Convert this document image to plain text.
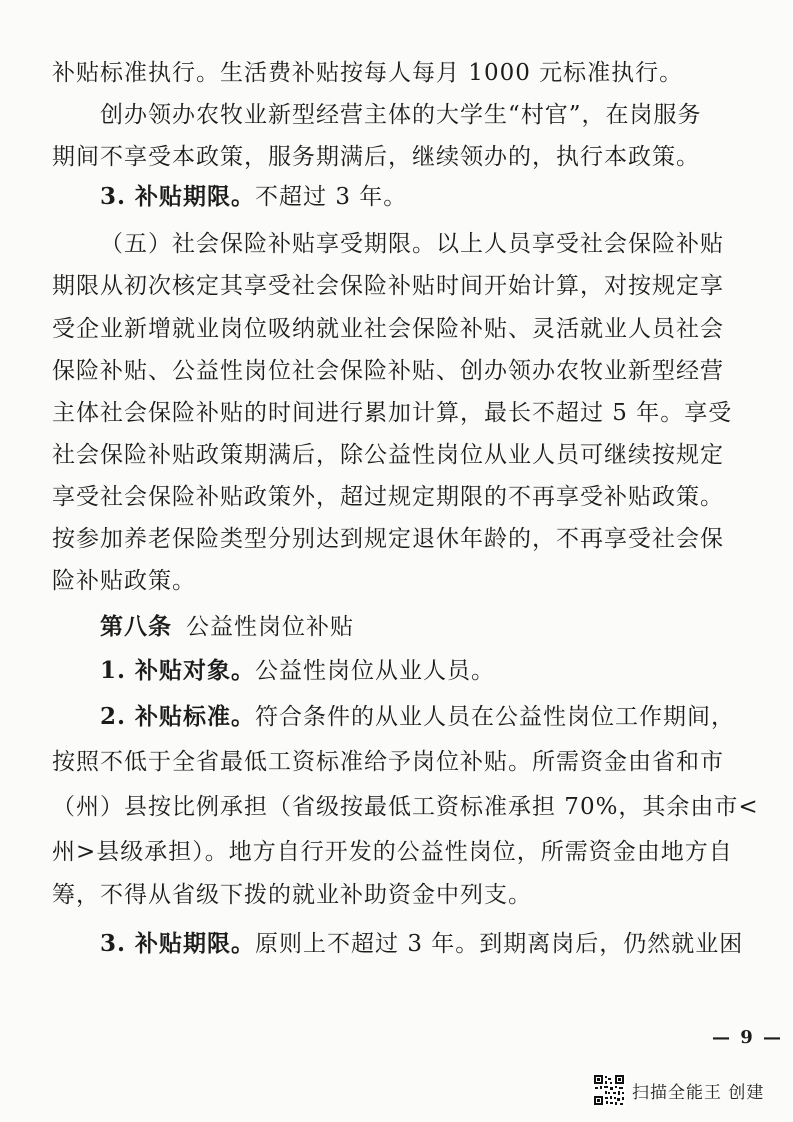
补贴标准执行。生活费补贴按每人每月 1000 元标准执行。
创办领办农牧业新型经营主体的大学生“村官”，在岗服务
期间不享受本政策，服务期满后，继续领办的，执行本政策。
3. 补贴期限。不超过 3 年。
（五）社会保险补贴享受期限。以上人员享受社会保险补贴
期限从初次核定其享受社会保险补贴时间开始计算，对按规定享
受企业新增就业岗位吸纳就业社会保险补贴、灵活就业人员社会
保险补贴、公益性岗位社会保险补贴、创办领办农牧业新型经营
主体社会保险补贴的时间进行累加计算，最长不超过 5 年。享受
社会保险补贴政策期满后，除公益性岗位从业人员可继续按规定
享受社会保险补贴政策外，超过规定期限的不再享受补贴政策。
按参加养老保险类型分别达到规定退休年龄的，不再享受社会保
险补贴政策。
第八条 公益性岗位补贴
1. 补贴对象。公益性岗位从业人员。
2. 补贴标准。符合条件的从业人员在公益性岗位工作期间，
按照不低于全省最低工资标准给予岗位补贴。所需资金由省和市
（州）县按比例承担（省级按最低工资标准承担 70%，其余由市<
州>县级承担）。地方自行开发的公益性岗位，所需资金由地方自
筹，不得从省级下拨的就业补助资金中列支。
3. 补贴期限。原则上不超过 3 年。到期离岗后，仍然就业困
— 9 —
扫描全能王 创建
